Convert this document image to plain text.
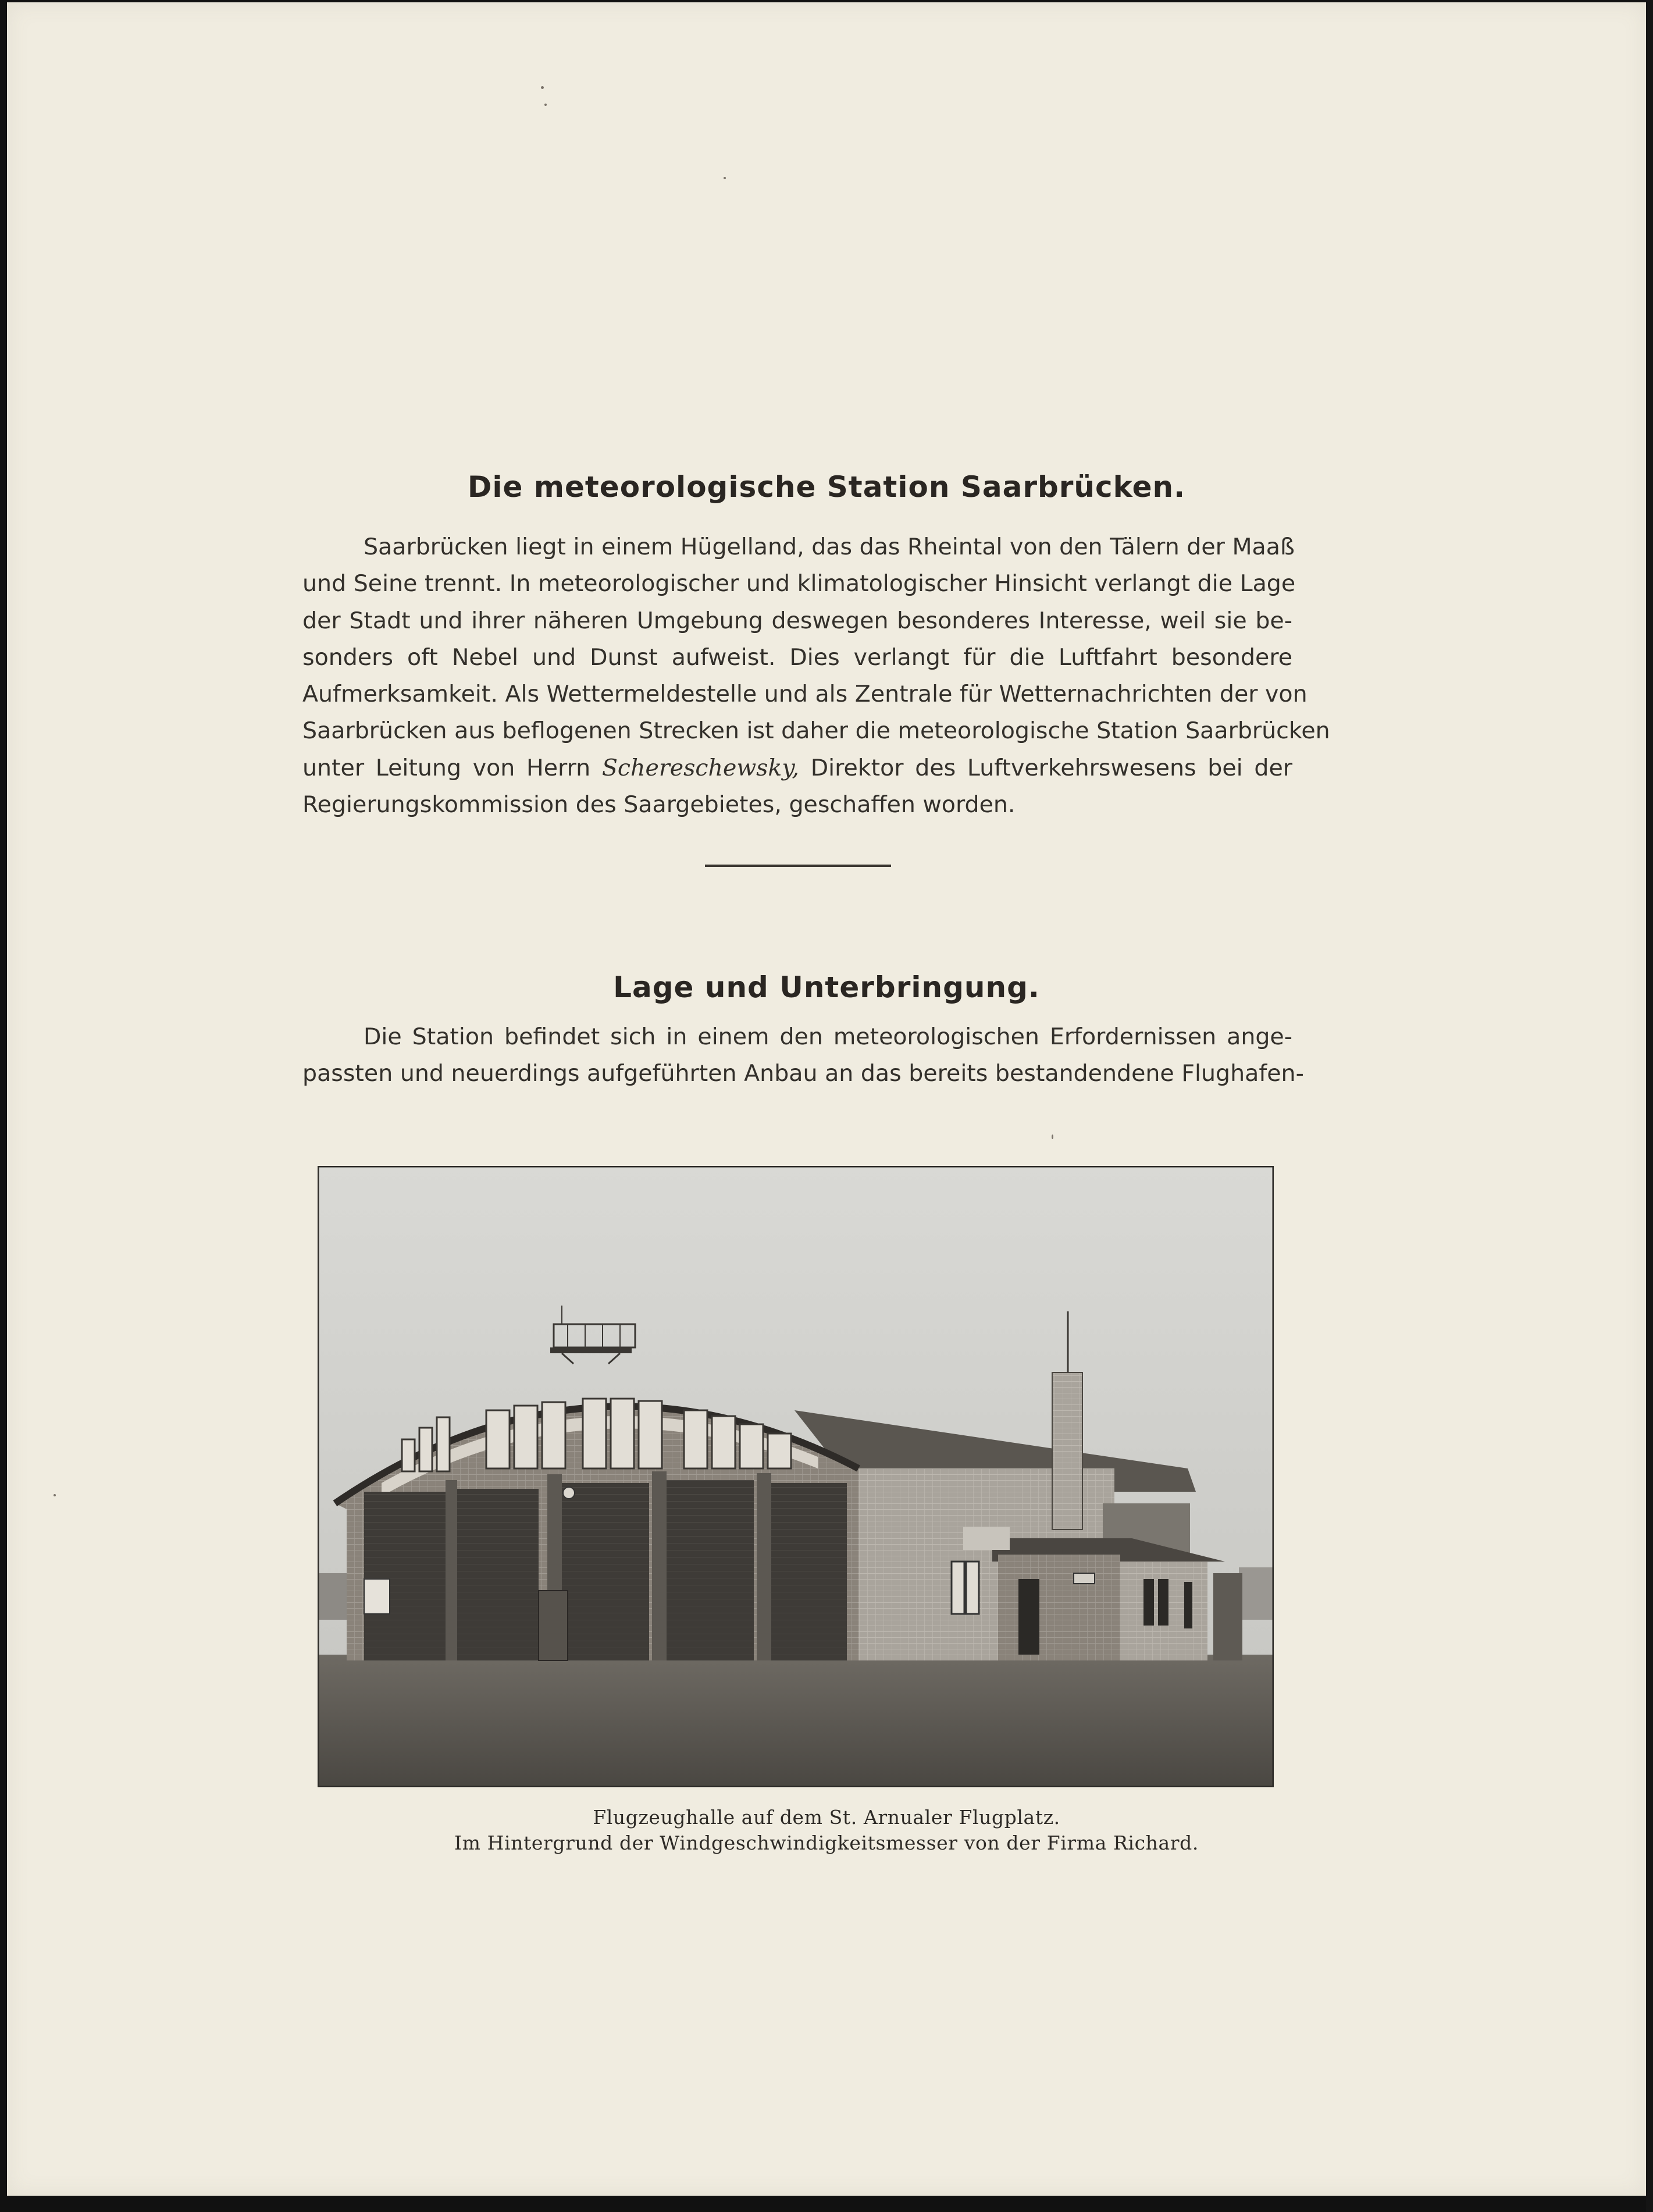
Die meteorologische Station Saarbrücken.
Saarbrücken liegt in einem Hügelland, das das Rheintal von den Tälern der Maaß
und Seine trennt. In meteorologischer und klimatologischer Hinsicht verlangt die Lage
der Stadt und ihrer näheren Umgebung deswegen besonderes Interesse, weil sie be-
sonders oft Nebel und Dunst aufweist. Dies verlangt für die Luftfahrt besondere
Aufmerksamkeit. Als Wettermeldestelle und als Zentrale für Wetternachrichten der von
Saarbrücken aus beflogenen Strecken ist daher die meteorologische Station Saarbrücken
unter Leitung von Herrn Schereschewsky, Direktor des Luftverkehrswesens bei der
Regierungskommission des Saargebietes, geschaffen worden.
Lage und Unterbringung.
Die Station befindet sich in einem den meteorologischen Erfordernissen ange-
passten und neuerdings aufgeführten Anbau an das bereits bestandendene Flughafen-
Flugzeughalle auf dem St. Arnualer Flugplatz.
Im Hintergrund der Windgeschwindigkeitsmesser von der Firma Richard.
